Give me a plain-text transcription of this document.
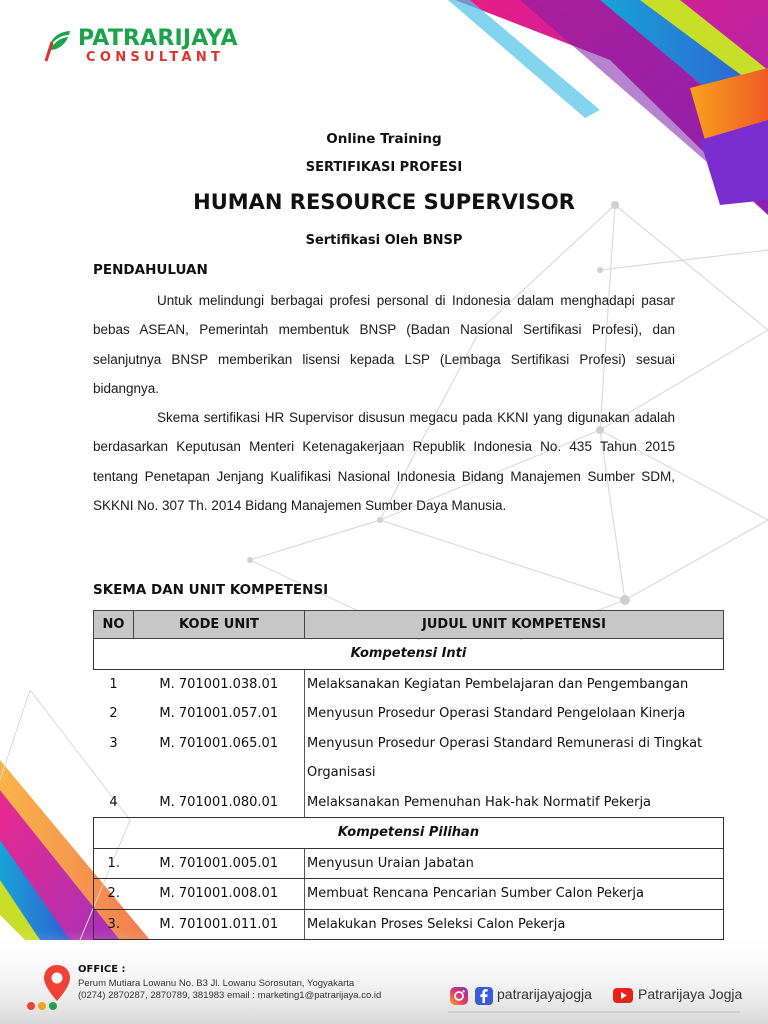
PATRARIJAYA
CONSULTANT
Online Training
SERTIFIKASI PROFESI
HUMAN RESOURCE SUPERVISOR
Sertifikasi Oleh BNSP
PENDAHULUAN

Untuk melindungi berbagai profesi personal di Indonesia dalam menghadapi pasar bebas ASEAN, Pemerintah membentuk BNSP (Badan Nasional Sertifikasi Profesi), dan selanjutnya BNSP memberikan lisensi kepada LSP (Lembaga Sertifikasi Profesi) sesuai bidangnya.

Skema sertifikasi HR Supervisor disusun megacu pada KKNI yang digunakan adalah berdasarkan Keputusan Menteri Ketenagakerjaan Republik Indonesia No. 435 Tahun 2015 tentang Penetapan Jenjang Kualifikasi Nasional Indonesia Bidang Manajemen Sumber SDM, SKKNI No. 307 Th. 2014 Bidang Manajemen Sumber Daya Manusia.

SKEMA DAN UNIT KOMPETENSI
NO	KODE UNIT	JUDUL UNIT KOMPETENSI
Kompetensi Inti		
1	M. 701001.038.01	Melaksanakan Kegiatan Pembelajaran dan Pengembangan
2	M. 701001.057.01	Menyusun Prosedur Operasi Standard Pengelolaan Kinerja
3	M. 701001.065.01	Menyusun Prosedur Operasi Standard Remunerasi di Tingkat
		Organisasi
4	M. 701001.080.01	Melaksanakan Pemenuhan Hak-hak Normatif Pekerja
Kompetensi Pilihan		
1.	M. 701001.005.01	Menyusun Uraian Jabatan
2.	M. 701001.008.01	Membuat Rencana Pencarian Sumber Calon Pekerja
3.	M. 701001.011.01	Melakukan Proses Seleksi Calon Pekerja
OFFICE :
Perum Mutiara Lowanu No. B3 Jl. Lowanu Sorosutan, Yogyakarta
(0274) 2870287, 2870789, 381983 email : marketing1@patrarijaya.co.id	patrarijayajogja	Patrarijaya Jogja
